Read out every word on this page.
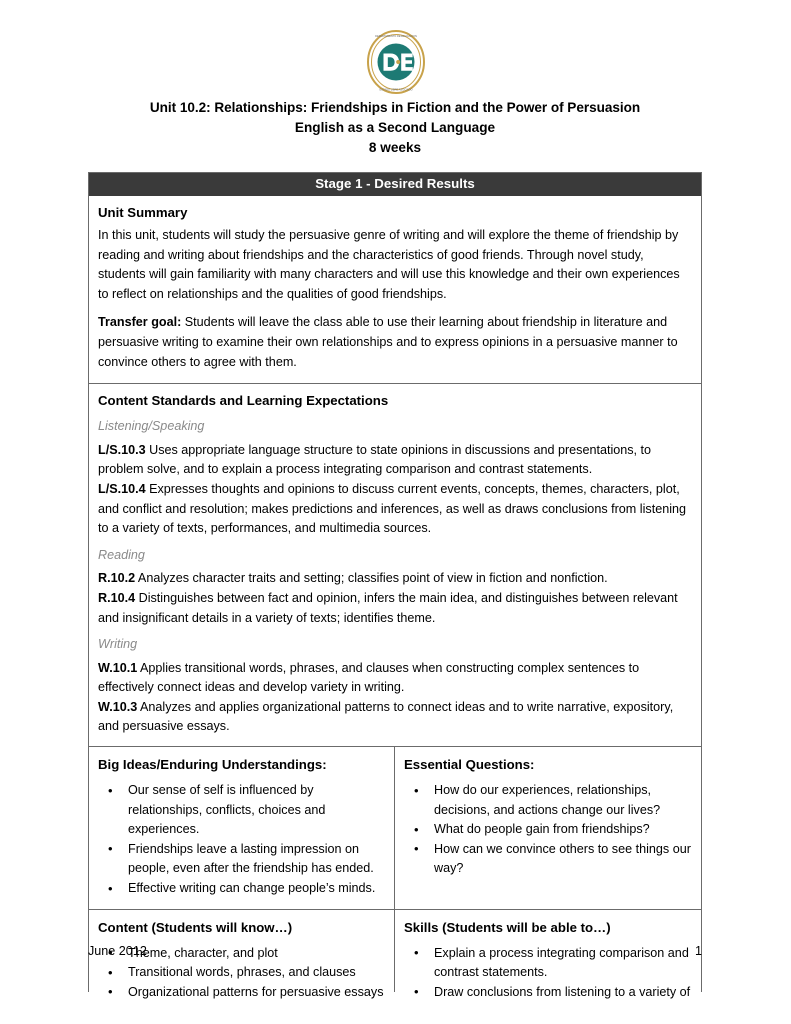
DEPARTAMENTO DE EDUCACION
ESTADO LIBRE ASOCIADO
Unit 10.2: Relationships: Friendships in Fiction and the Power of Persuasion
English as a Second Language
8 weeks
Stage 1 - Desired Results
Unit Summary

In this unit, students will study the persuasive genre of writing and will explore the theme of friendship by reading and writing about friendships and the characteristics of good friends. Through novel study, students will gain familiarity with many characters and will use this knowledge and their own experiences to reflect on relationships and the qualities of good friendships.

Transfer goal: Students will leave the class able to use their learning about friendship in literature and persuasive writing to examine their own relationships and to express opinions in a persuasive manner to convince others to agree with them.

Content Standards and Learning Expectations
Listening/Speaking

L/S.10.3 Uses appropriate language structure to state opinions in discussions and presentations, to problem solve, and to explain a process integrating comparison and contrast statements.

L/S.10.4 Expresses thoughts and opinions to discuss current events, concepts, themes, characters, plot, and conflict and resolution; makes predictions and inferences, as well as draws conclusions from listening to a variety of texts, performances, and multimedia sources.

Reading

R.10.2 Analyzes character traits and setting; classifies point of view in fiction and nonfiction.

R.10.4 Distinguishes between fact and opinion, infers the main idea, and distinguishes between relevant and insignificant details in a variety of texts; identifies theme.

Writing

W.10.1 Applies transitional words, phrases, and clauses when constructing complex sentences to effectively connect ideas and develop variety in writing.

W.10.3 Analyzes and applies organizational patterns to connect ideas and to write narrative, expository, and persuasive essays.

Big Ideas/Enduring Understandings:
• Our sense of self is influenced by relationships, conflicts, choices and experiences.
• Friendships leave a lasting impression on people, even after the friendship has ended.
• Effective writing can change people’s minds.
Essential Questions:
• How do our experiences, relationships, decisions, and actions change our lives?
• What do people gain from friendships?
• How can we convince others to see things our way?
Content (Students will know…)
• Theme, character, and plot
• Transitional words, phrases, and clauses
• Organizational patterns for persuasive essays
Skills (Students will be able to…)
• Explain a process integrating comparison and contrast statements.
• Draw conclusions from listening to a variety of
June 2012	1
